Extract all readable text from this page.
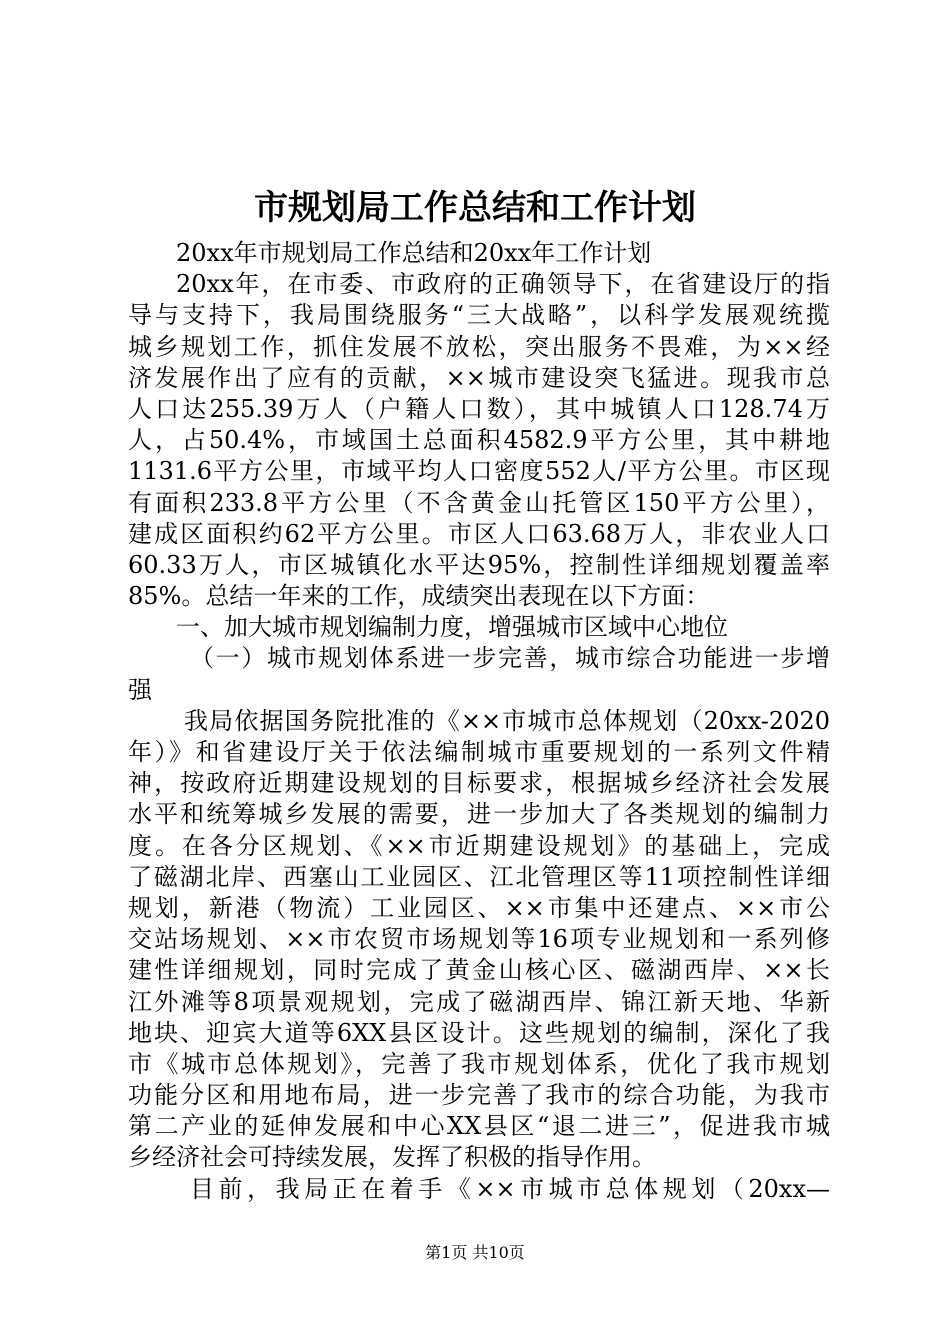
市规划局工作总结和工作计划
20xx年市规划局工作总结和20xx年工作计划
20xx年，在市委、市政府的正确领导下，在省建设厅的指
导与支持下，我局围绕服务“三大战略”，以科学发展观统揽
城乡规划工作，抓住发展不放松，突出服务不畏难，为××经
济发展作出了应有的贡献，××城市建设突飞猛进。现我市总
人口达255.39万人（户籍人口数），其中城镇人口128.74万
人，占50.4%，市域国土总面积4582.9平方公里，其中耕地
1131.6平方公里，市域平均人口密度552人/平方公里。市区现
有面积233.8平方公里（不含黄金山托管区150平方公里），
建成区面积约62平方公里。市区人口63.68万人，非农业人口
60.33万人，市区城镇化水平达95%，控制性详细规划覆盖率
85%。总结一年来的工作，成绩突出表现在以下方面：
一、加大城市规划编制力度，增强城市区域中心地位
（一）城市规划体系进一步完善，城市综合功能进一步增
强
我局依据国务院批准的《××市城市总体规划（20xx-2020
年）》和省建设厅关于依法编制城市重要规划的一系列文件精
神，按政府近期建设规划的目标要求，根据城乡经济社会发展
水平和统筹城乡发展的需要，进一步加大了各类规划的编制力
度。在各分区规划、《××市近期建设规划》的基础上，完成
了磁湖北岸、西塞山工业园区、江北管理区等11项控制性详细
规划，新港（物流）工业园区、××市集中还建点、××市公
交站场规划、××市农贸市场规划等16项专业规划和一系列修
建性详细规划，同时完成了黄金山核心区、磁湖西岸、××长
江外滩等8项景观规划，完成了磁湖西岸、锦江新天地、华新
地块、迎宾大道等6XX县区设计。这些规划的编制，深化了我
市《城市总体规划》，完善了我市规划体系，优化了我市规划
功能分区和用地布局，进一步完善了我市的综合功能，为我市
第二产业的延伸发展和中心XX县区“退二进三”，促进我市城
乡经济社会可持续发展，发挥了积极的指导作用。
目前，我局正在着手《××市城市总体规划（20xx—
第1页 共10页
